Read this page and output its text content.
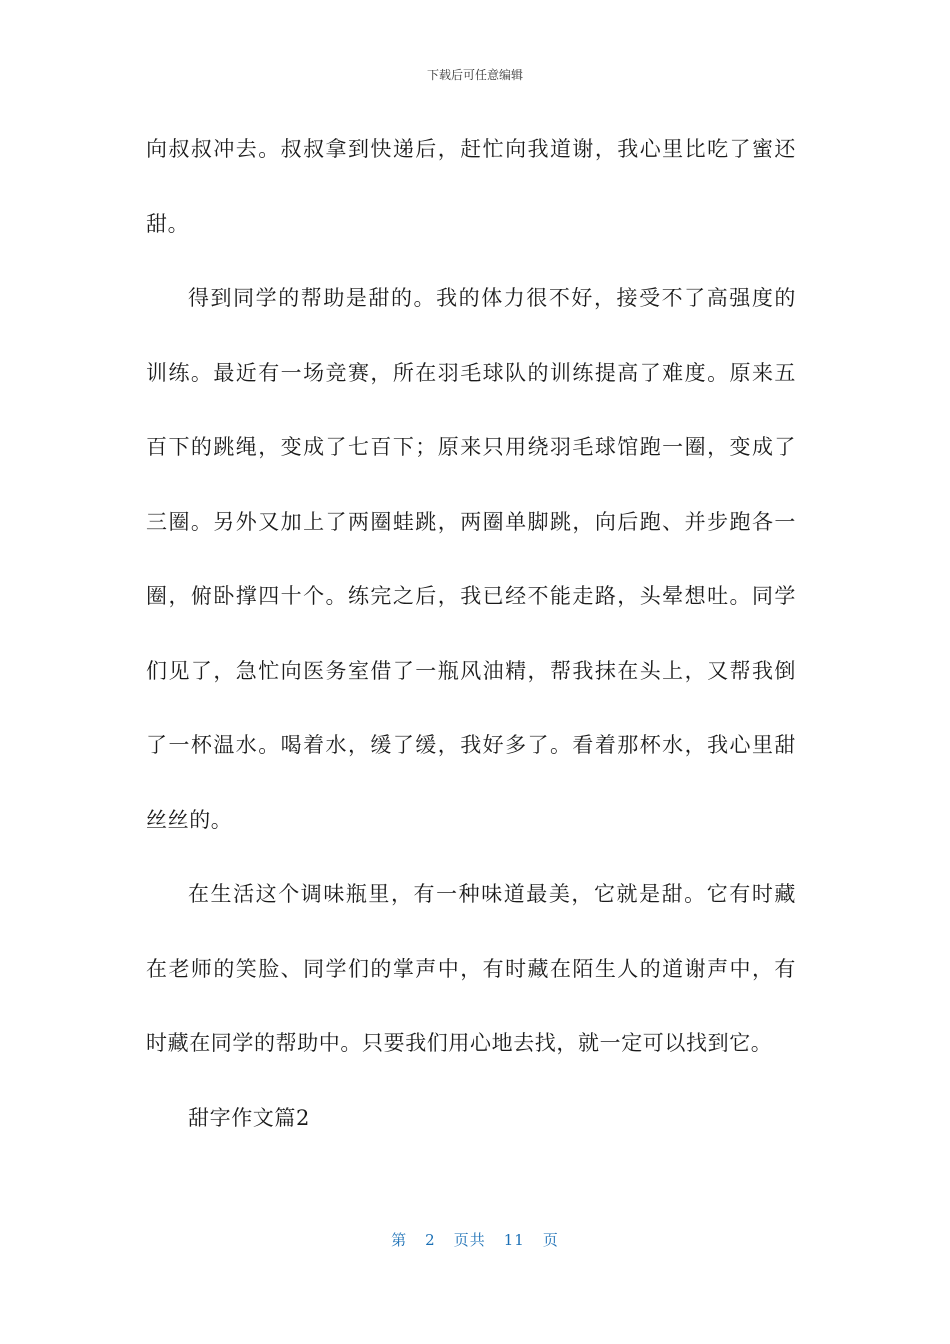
下载后可任意编辑
向叔叔冲去。叔叔拿到快递后，赶忙向我道谢，我心里比吃了蜜还
甜。
得到同学的帮助是甜的。我的体力很不好，接受不了高强度的
训练。最近有一场竞赛，所在羽毛球队的训练提高了难度。原来五
百下的跳绳，变成了七百下；原来只用绕羽毛球馆跑一圈，变成了
三圈。另外又加上了两圈蛙跳，两圈单脚跳，向后跑、并步跑各一
圈，俯卧撑四十个。练完之后，我已经不能走路，头晕想吐。同学
们见了，急忙向医务室借了一瓶风油精，帮我抹在头上，又帮我倒
了一杯温水。喝着水，缓了缓，我好多了。看着那杯水，我心里甜
丝丝的。
在生活这个调味瓶里，有一种味道最美，它就是甜。它有时藏
在老师的笑脸、同学们的掌声中，有时藏在陌生人的道谢声中，有
时藏在同学的帮助中。只要我们用心地去找，就一定可以找到它。
甜字作文篇2
第 2 页共 11 页
